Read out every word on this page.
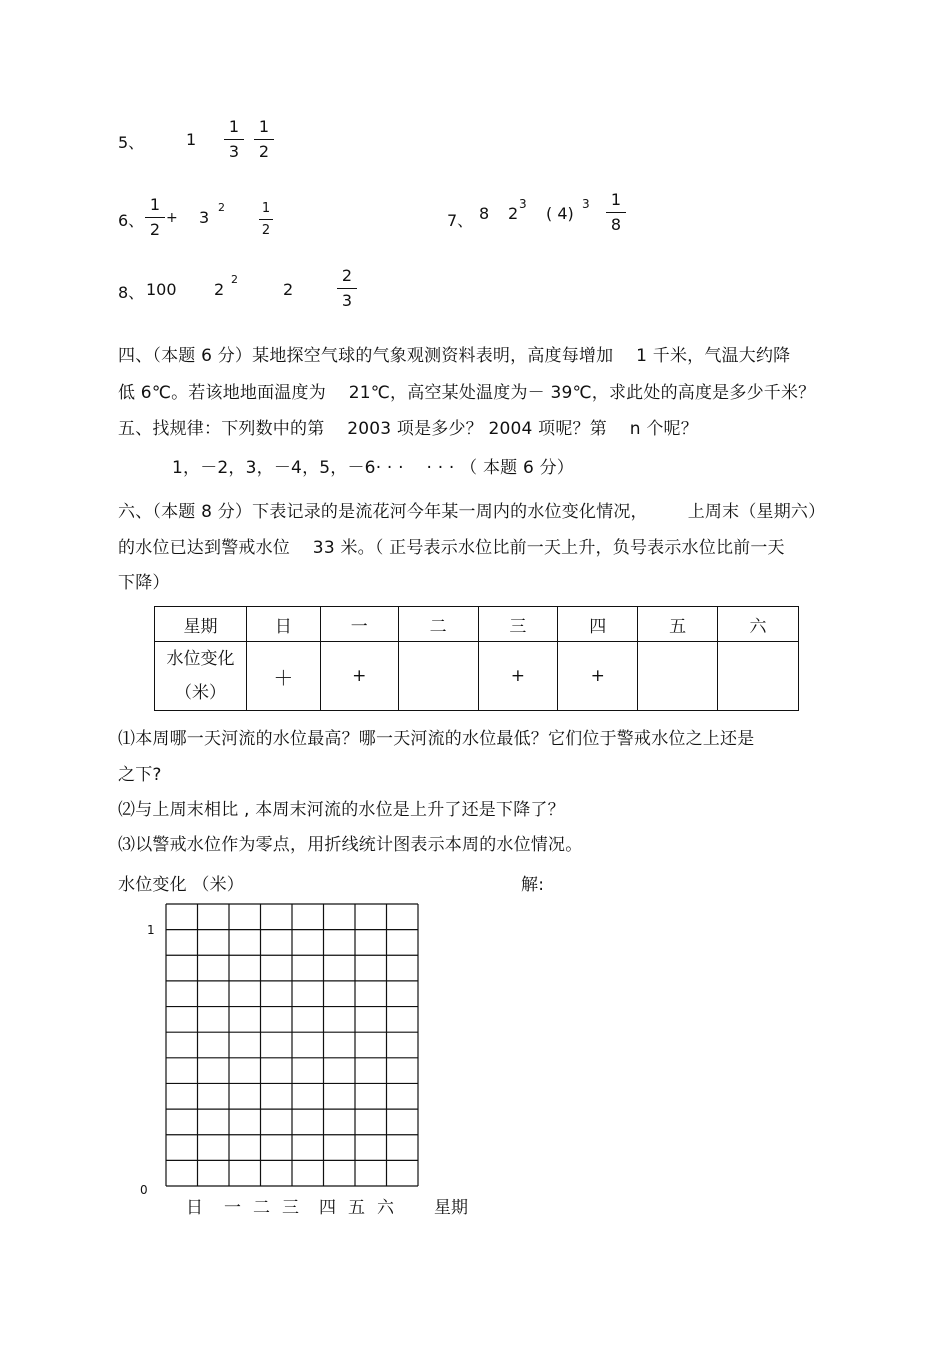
5、	1
1
3
1
2
6、
1
2
+ 3
2	1
2
7、 8 2 3 ( 4) 3	1
8
8、 100 2
2
2
2
3
四、（本题 6 分）某地探空气球的气象观测资料表明，高度每增加 　1 千米，气温大约降
低 6℃。若该地地面温度为 　21℃，高空某处温度为－ 39℃，求此处的高度是多少千米？
五、找规律：下列数中的第 　2003 项是多少？ 2004 项呢？第 　n 个呢？
1，－2，3，－4，5，－6· · · 　· · · （ 本题 6 分）
六、（本题 8 分）下表记录的是流花河今年某一周内的水位变化情况， 　　上周末（星期六）
的水位已达到警戒水位 　33 米。（ 正号表示水位比前一天上升，负号表示水位比前一天
下降）
星期	日	一	二	三	四	五	六
水位变化
（米）	＋	+		+	+		
⑴本周哪一天河流的水位最高？哪一天河流的水位最低？它们位于警戒水位之上还是
之下?
⑵与上周末相比 , 本周末河流的水位是上升了还是下降了？
⑶以警戒水位作为零点，用折线统计图表示本周的水位情况。
水位变化 （米）	解:
1
0
日 一 二 三 四 五 六 星期
